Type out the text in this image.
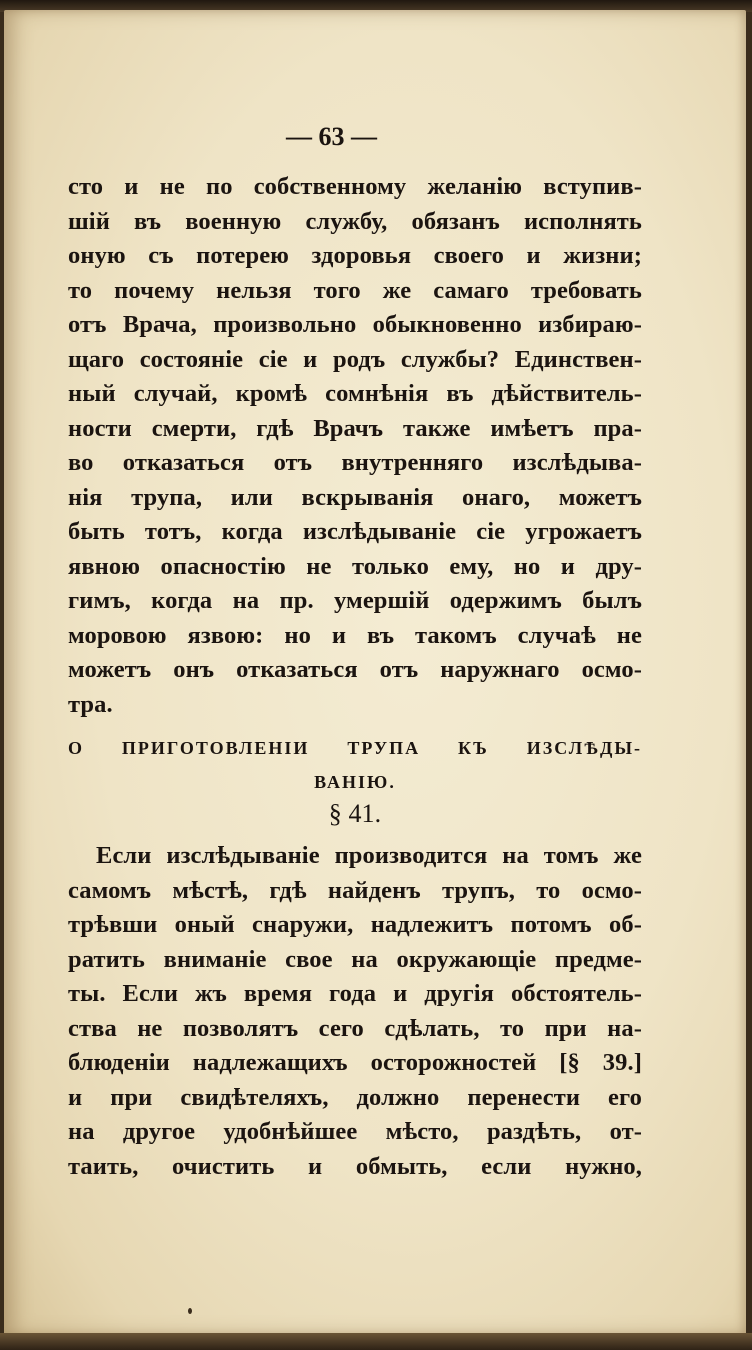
— 63 —
сто и не по собственному желанію вступив-
шій въ военную службу, обязанъ исполнять
оную съ потерею здоровья своего и жизни;
то почему нельзя того же самаго требовать
отъ Врача, произвольно обыкновенно избираю-
щаго состояніе сіе и родъ службы? Единствен-
ный случай, кромѣ сомнѣнія въ дѣйствитель-
ности смерти, гдѣ Врачъ также имѣетъ пра-
во отказаться отъ внутренняго изслѣдыва-
нія трупа, или вскрыванія онаго, можетъ
быть тотъ, когда изслѣдываніе сіе угрожаетъ
явною опасностію не только ему, но и дру-
гимъ, когда на пр. умершій одержимъ былъ
моровою язвою: но и въ такомъ случаѣ не
можетъ онъ отказаться отъ наружнаго осмо-
тра.
О ПРИГОТОВЛЕНІИ ТРУПА КЪ ИЗСЛѢДЫ-
ВАНІЮ.
§ 41.
Если изслѣдываніе производится на томъ же
самомъ мѣстѣ, гдѣ найденъ трупъ, то осмо-
трѣвши оный снаружи, надлежитъ потомъ об-
ратить вниманіе свое на окружающіе предме-
ты. Если жъ время года и другія обстоятель-
ства не позволятъ сего сдѣлать, то при на-
блюденіи надлежащихъ осторожностей [§ 39.]
и при свидѣтеляхъ, должно перенести его
на другое удобнѣйшее мѣсто, раздѣть, от-
таить, очистить и обмыть, если нужно,
